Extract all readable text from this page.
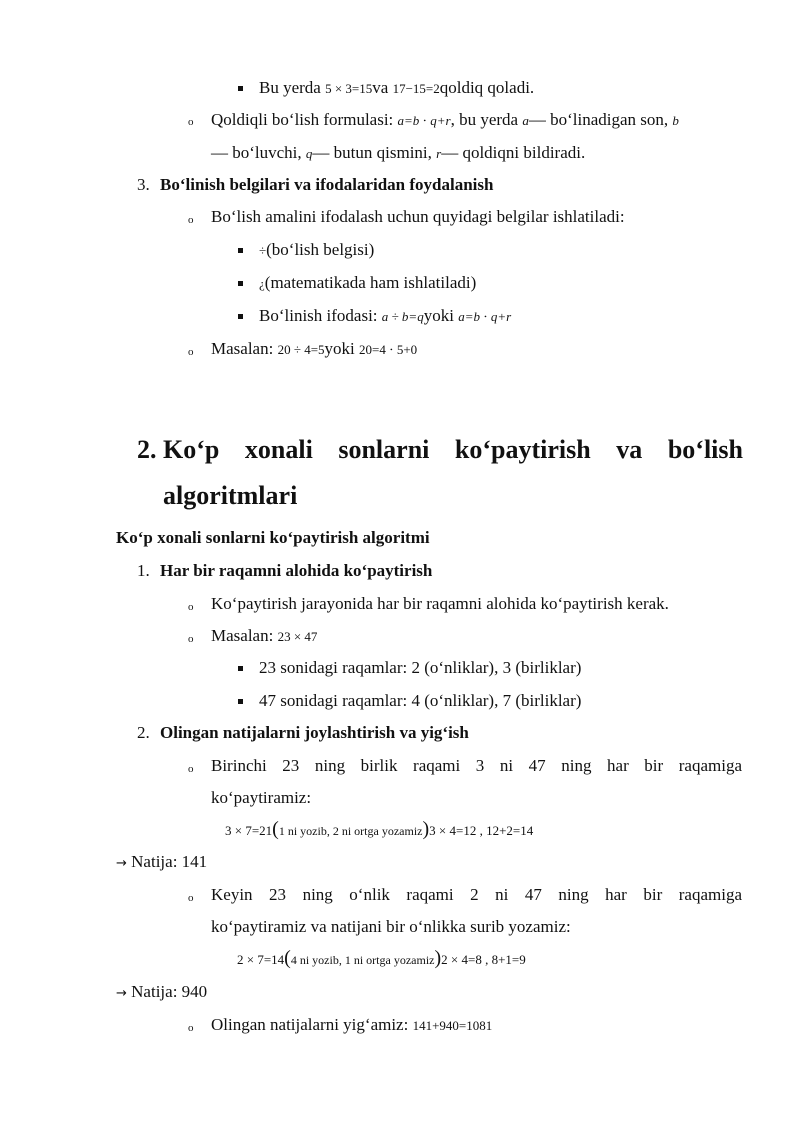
Bu yerda 5 × 3=15va 17−15=2qoldiq qoladi.
o Qoldiqli bo‘lish formulasi: a=b ⋅ q+r, bu yerda a— bo‘linadigan son, b
— bo‘luvchi, q— butun qismini, r— qoldiqni bildiradi.
3. Bo‘linish belgilari va ifodalaridan foydalanish
o Bo‘lish amalini ifodalash uchun quyidagi belgilar ishlatiladi:
÷(bo‘lish belgisi)
¿(matematikada ham ishlatiladi)
Bo‘linish ifodasi: a ÷ b=qyoki a=b ⋅ q+r
o Masalan: 20 ÷ 4=5yoki 20=4 ⋅ 5+0
2. Ko‘p xonali sonlarni ko‘paytirish va bo‘lish
algoritmlari
Ko‘p xonali sonlarni ko‘paytirish algoritmi
1. Har bir raqamni alohida ko‘paytirish
o Ko‘paytirish jarayonida har bir raqamni alohida ko‘paytirish kerak.
o Masalan: 23 × 47
23 sonidagi raqamlar: 2 (o‘nliklar), 3 (birliklar)
47 sonidagi raqamlar: 4 (o‘nliklar), 7 (birliklar)
2. Olingan natijalarni joylashtirish va yig‘ish
o Birinchi 23 ning birlik raqami 3 ni 47 ning har bir raqamiga
ko‘paytiramiz:
3 × 7=21(1 ni yozib, 2 ni ortga yozamiz)3 × 4=12 , 12+2=14
→ Natija: 141
o Keyin 23 ning o‘nlik raqami 2 ni 47 ning har bir raqamiga
ko‘paytiramiz va natijani bir o‘nlikka surib yozamiz:
2 × 7=14(4 ni yozib, 1 ni ortga yozamiz)2 × 4=8 , 8+1=9
→ Natija: 940
o Olingan natijalarni yig‘amiz: 141+940=1081
